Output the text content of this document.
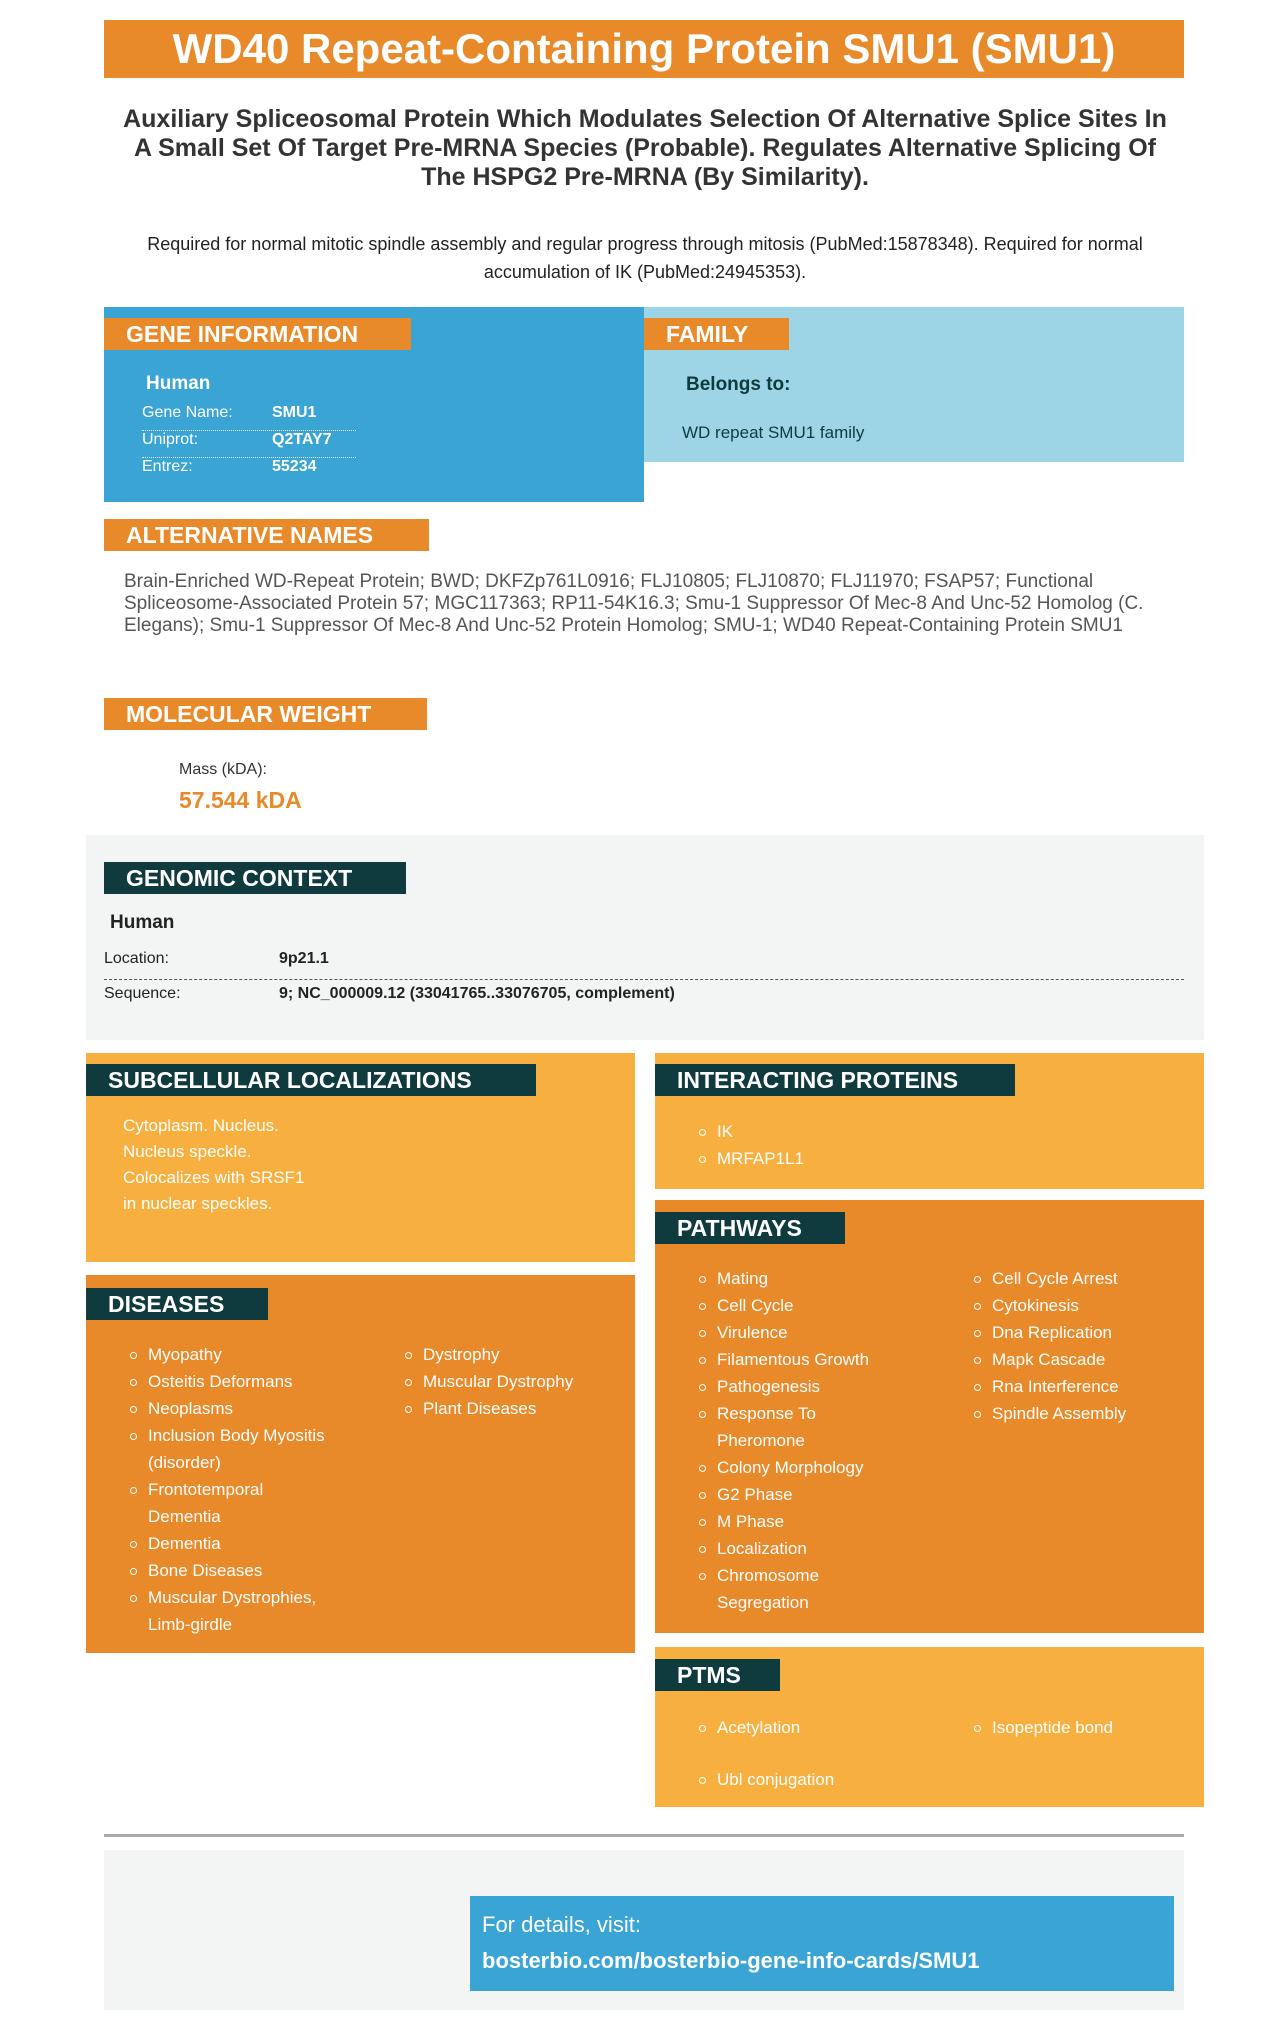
WD40 Repeat-Containing Protein SMU1 (SMU1)
Auxiliary Spliceosomal Protein Which Modulates Selection Of Alternative Splice Sites In A Small Set Of Target Pre-MRNA Species (Probable). Regulates Alternative Splicing Of The HSPG2 Pre-MRNA (By Similarity).
Required for normal mitotic spindle assembly and regular progress through mitosis (PubMed:15878348). Required for normal accumulation of IK (PubMed:24945353).
GENE INFORMATION
Human
Gene Name: SMU1
Uniprot:	Q2TAY7
Entrez:	55234
FAMILY
Belongs to:
WD repeat SMU1 family
ALTERNATIVE NAMES
Brain-Enriched WD-Repeat Protein; BWD; DKFZp761L0916; FLJ10805; FLJ10870; FLJ11970; FSAP57; Functional Spliceosome-Associated Protein 57; MGC117363; RP11-54K16.3; Smu-1 Suppressor Of Mec-8 And Unc-52 Homolog (C. Elegans); Smu-1 Suppressor Of Mec-8 And Unc-52 Protein Homolog; SMU-1; WD40 Repeat-Containing Protein SMU1
MOLECULAR WEIGHT
Mass (kDA):
57.544 kDA
GENOMIC CONTEXT
Human
Location:	9p21.1
Sequence:	9; NC_000009.12 (33041765..33076705, complement)
SUBCELLULAR LOCALIZATIONS
Cytoplasm. Nucleus.
Nucleus speckle.
Colocalizes with SRSF1
in nuclear speckles.
DISEASES
Myopathy
Osteitis Deformans
Neoplasms
Inclusion Body Myositis (disorder)
Frontotemporal Dementia
Dementia
Bone Diseases
Muscular Dystrophies, Limb-girdle
Dystrophy
Muscular Dystrophy
Plant Diseases
INTERACTING PROTEINS
IK
MRFAP1L1
PATHWAYS
Mating
Cell Cycle
Virulence
Filamentous Growth
Pathogenesis
Response To Pheromone
Colony Morphology
G2 Phase
M Phase
Localization
Chromosome Segregation
Cell Cycle Arrest
Cytokinesis
Dna Replication
Mapk Cascade
Rna Interference
Spindle Assembly
PTMS
Acetylation
Ubl conjugation
Isopeptide bond
For details, visit:
bosterbio.com/bosterbio-gene-info-cards/SMU1
